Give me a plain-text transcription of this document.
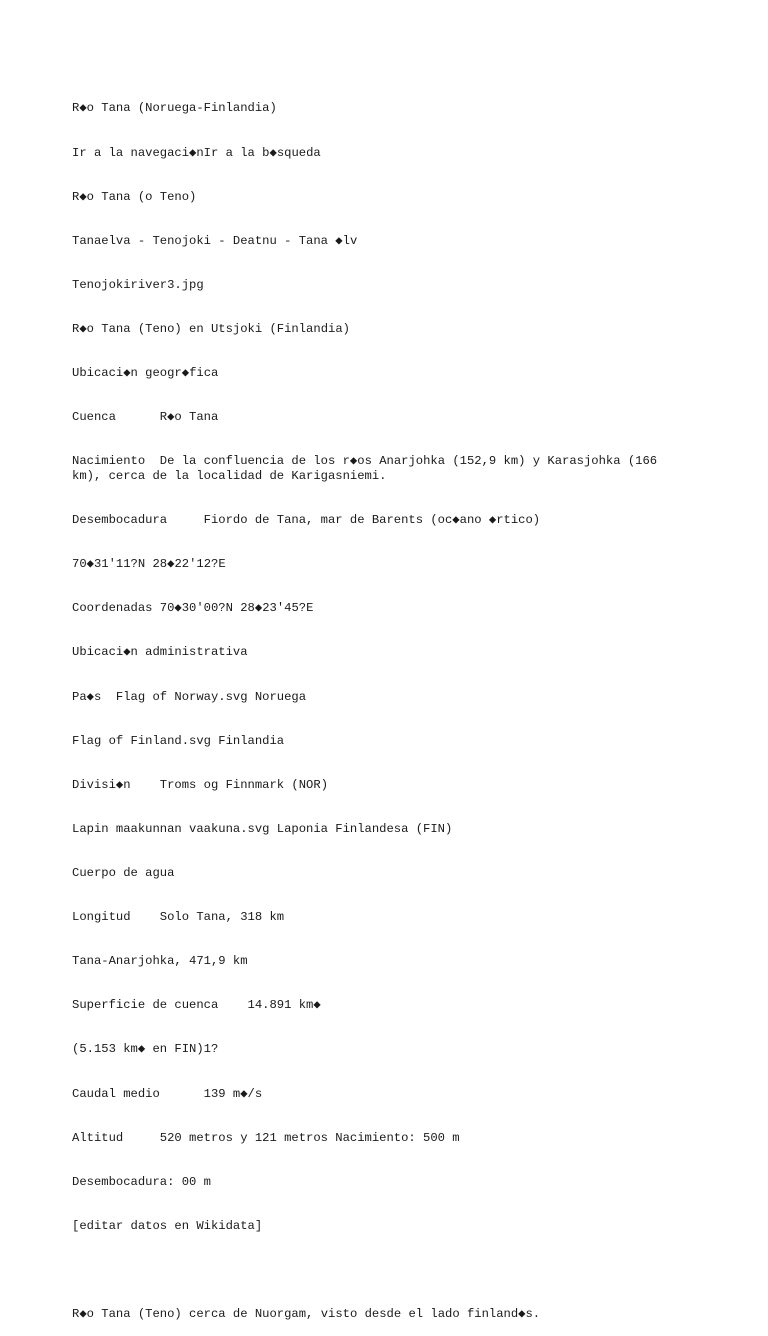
R◆o Tana (Noruega-Finlandia)

Ir a la navegaci◆nIr a la b◆squeda

R◆o Tana (o Teno)

Tanaelva - Tenojoki - Deatnu - Tana ◆lv

Tenojokiriver3.jpg

R◆o Tana (Teno) en Utsjoki (Finlandia)

Ubicaci◆n geogr◆fica

Cuenca      R◆o Tana

Nacimiento  De la confluencia de los r◆os Anarjohka (152,9 km) y Karasjohka (166 km), cerca de la localidad de Karigasniemi.

Desembocadura     Fiordo de Tana, mar de Barents (oc◆ano ◆rtico)

70◆31'11?N 28◆22'12?E

Coordenadas 70◆30'00?N 28◆23'45?E

Ubicaci◆n administrativa

Pa◆s  Flag of Norway.svg Noruega

Flag of Finland.svg Finlandia

Divisi◆n    Troms og Finnmark (NOR)

Lapin maakunnan vaakuna.svg Laponia Finlandesa (FIN)

Cuerpo de agua

Longitud    Solo Tana, 318 km

Tana-Anarjohka, 471,9 km

Superficie de cuenca    14.891 km◆

(5.153 km◆ en FIN)1?

Caudal medio      139 m◆/s

Altitud     520 metros y 121 metros Nacimiento: 500 m

Desembocadura: 00 m

[editar datos en Wikidata]

R◆o Tana (Teno) cerca de Nuorgam, visto desde el lado finland◆s.
